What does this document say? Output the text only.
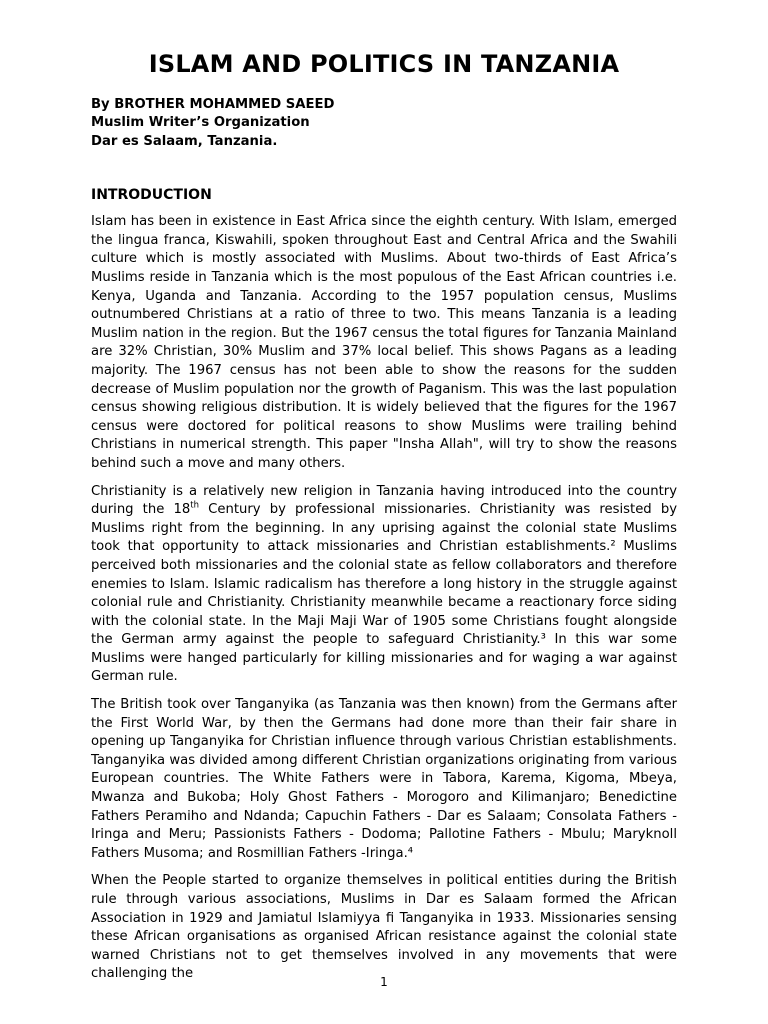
ISLAM AND POLITICS IN TANZANIA
By BROTHER MOHAMMED SAEED
Muslim Writer’s Organization
Dar es Salaam, Tanzania.
INTRODUCTION

Islam has been in existence in East Africa since the eighth century. With Islam, emerged the lingua franca, Kiswahili, spoken throughout East and Central Africa and the Swahili culture which is mostly associated with Muslims. About two-thirds of East Africa’s Muslims reside in Tanzania which is the most populous of the East African countries i.e. Kenya, Uganda and Tanzania. According to the 1957 population census, Muslims outnumbered Christians at a ratio of three to two. This means Tanzania is a leading Muslim nation in the region. But the 1967 census the total figures for Tanzania Mainland are 32% Christian, 30% Muslim and 37% local belief. This shows Pagans as a leading majority. The 1967 census has not been able to show the reasons for the sudden decrease of Muslim population nor the growth of Paganism. This was the last population census showing religious distribution. It is widely believed that the figures for the 1967 census were doctored for political reasons to show Muslims were trailing behind Christians in numerical strength. This paper "Insha Allah", will try to show the reasons behind such a move and many others.

Christianity is a relatively new religion in Tanzania having introduced into the country during the 18th Century by professional missionaries. Christianity was resisted by Muslims right from the beginning. In any uprising against the colonial state Muslims took that opportunity to attack missionaries and Christian establishments.² Muslims perceived both missionaries and the colonial state as fellow collaborators and therefore enemies to Islam. Islamic radicalism has therefore a long history in the struggle against colonial rule and Christianity. Christianity meanwhile became a reactionary force siding with the colonial state. In the Maji Maji War of 1905 some Christians fought alongside the German army against the people to safeguard Christianity.³ In this war some Muslims were hanged particularly for killing missionaries and for waging a war against German rule.

The British took over Tanganyika (as Tanzania was then known) from the Germans after the First World War, by then the Germans had done more than their fair share in opening up Tanganyika for Christian influence through various Christian establishments. Tanganyika was divided among different Christian organizations originating from various European countries. The White Fathers were in Tabora, Karema, Kigoma, Mbeya, Mwanza and Bukoba; Holy Ghost Fathers - Morogoro and Kilimanjaro; Benedictine Fathers Peramiho and Ndanda; Capuchin Fathers - Dar es Salaam; Consolata Fathers - Iringa and Meru; Passionists Fathers - Dodoma; Pallotine Fathers - Mbulu; Maryknoll Fathers Musoma; and Rosmillian Fathers -Iringa.⁴

When the People started to organize themselves in political entities during the British rule through various associations, Muslims in Dar es Salaam formed the African Association in 1929 and Jamiatul Islamiyya fi Tanganyika in 1933. Missionaries sensing these African organisations as organised African resistance against the colonial state warned Christians not to get themselves involved in any movements that were challenging the

1
